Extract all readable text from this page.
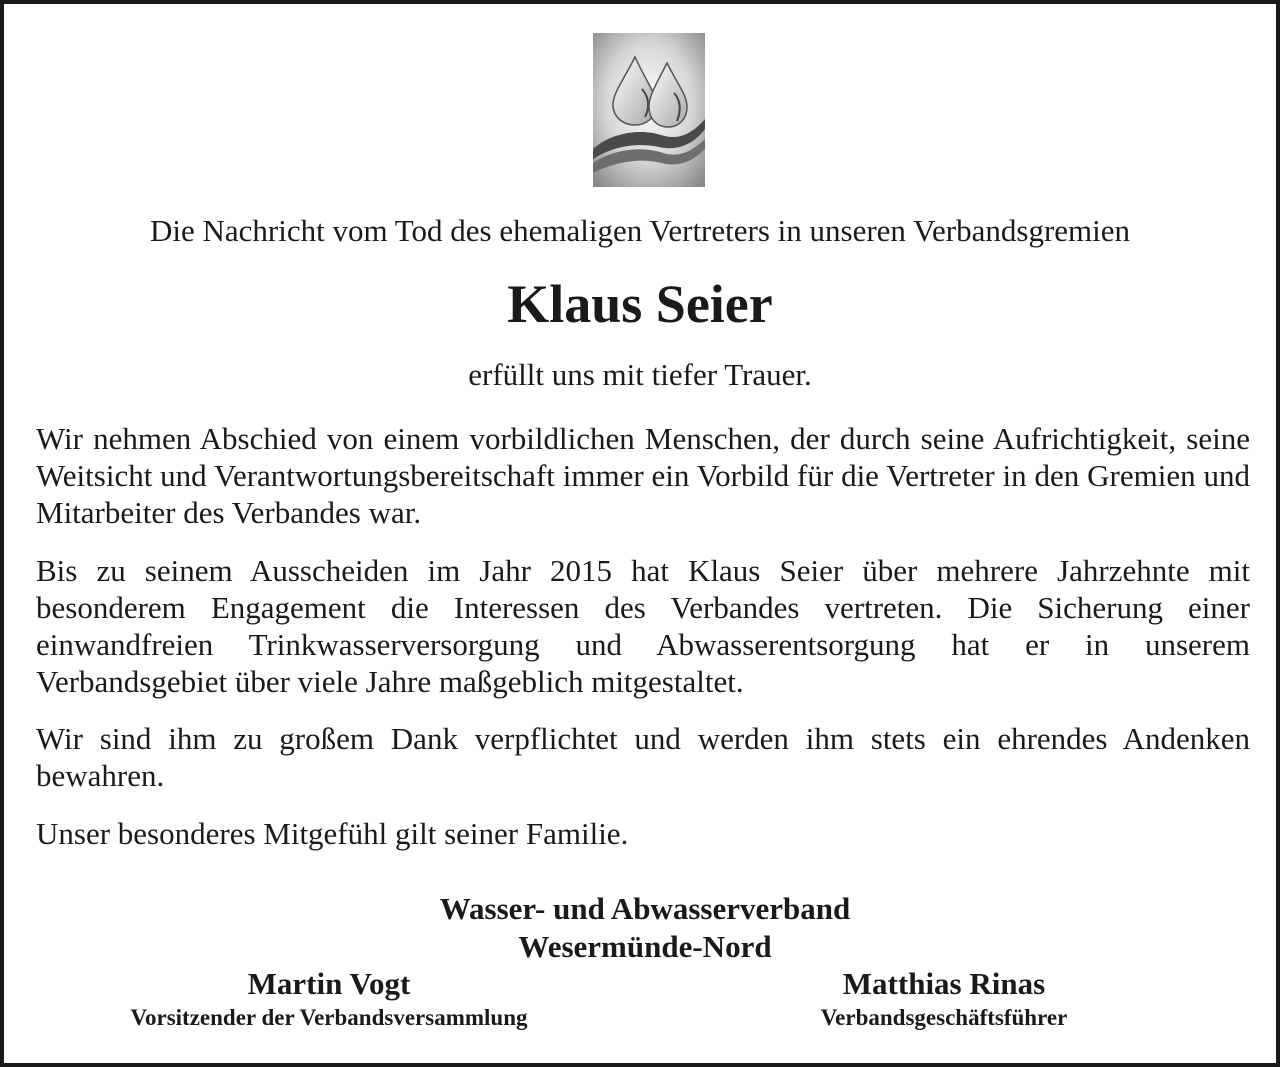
Die Nachricht vom Tod des ehemaligen Vertreters in unseren Verbandsgremien
Klaus Seier
erfüllt uns mit tiefer Trauer.

Wir nehmen Abschied von einem vorbildlichen Menschen, der durch seine Aufrichtigkeit, seine Weitsicht und Verantwortungsbereitschaft immer ein Vorbild für die Vertreter in den Gremien und Mitarbeiter des Verbandes war.

Bis zu seinem Ausscheiden im Jahr 2015 hat Klaus Seier über mehrere Jahrzehnte mit besonderem Engagement die Interessen des Verbandes vertreten. Die Sicherung einer einwandfreien Trinkwasserversorgung und Abwasserentsorgung hat er in unserem Verbandsgebiet über viele Jahre maßgeblich mitgestaltet.

Wir sind ihm zu großem Dank verpflichtet und werden ihm stets ein ehrendes Andenken bewahren.

Unser besonderes Mitgefühl gilt seiner Familie.

Wasser- und Abwasserverband
Wesermünde-Nord
Martin Vogt
Vorsitzender der Verbandsversammlung
Matthias Rinas
Verbandsgeschäftsführer
